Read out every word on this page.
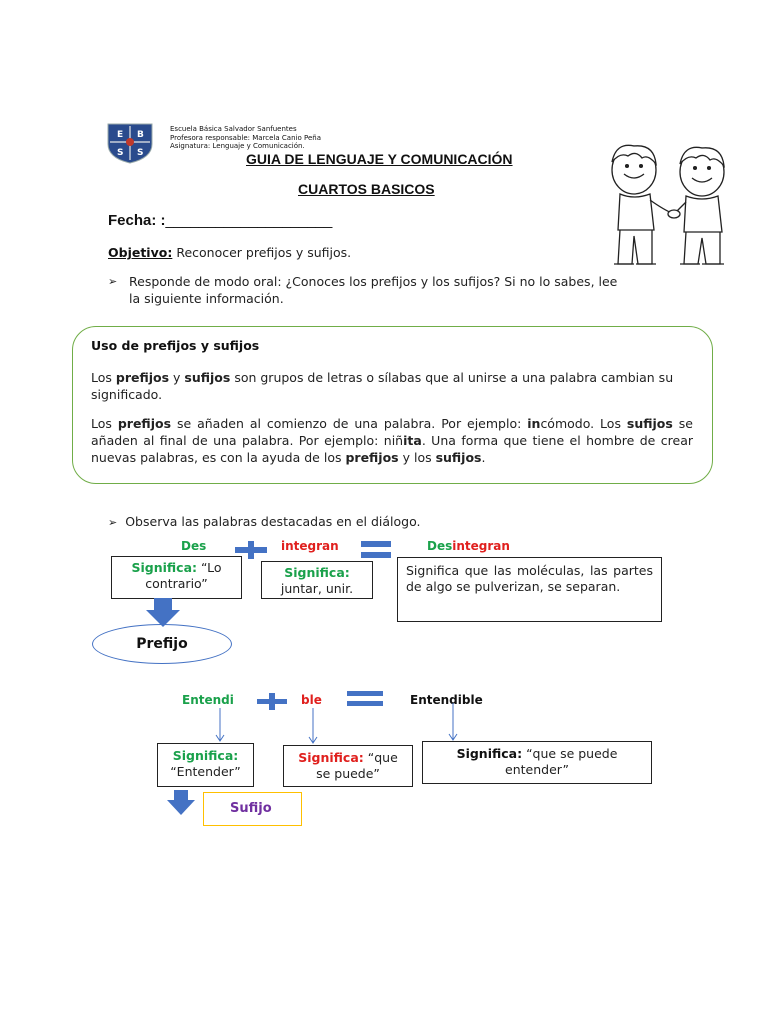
E B
S S
Escuela Básica Salvador Sanfuentes
Profesora responsable: Marcela Canio Peña
Asignatura: Lenguaje y Comunicación.
GUIA DE LENGUAJE Y COMUNICACIÓN
CUARTOS BASICOS
Fecha: :____________________
Objetivo: Reconocer prefijos y sufijos.
➢ Responde de modo oral: ¿Conoces los prefijos y los sufijos? Si no lo sabes, lee
la siguiente información.
Uso de prefijos y sufijos
Los prefijos y sufijos son grupos de letras o sílabas que al unirse a una palabra cambian su significado.
Los prefijos se añaden al comienzo de una palabra. Por ejemplo: incómodo. Los sufijos se añaden al final de una palabra. Por ejemplo: niñita. Una forma que tiene el hombre de crear nuevas palabras, es con la ayuda de los prefijos y los sufijos.
➢ Observa las palabras destacadas en el diálogo.
Des	integran	Desintegran
Significa: “Lo
contrario”
Significa:
juntar, unir.
Significa que las moléculas, las partes de algo se pulverizan, se separan.
Prefijo
Entendi	ble	Entendible
Significa:
“Entender”
Significa: “que
se puede”
Significa: “que se puede
entender”
Sufijo
